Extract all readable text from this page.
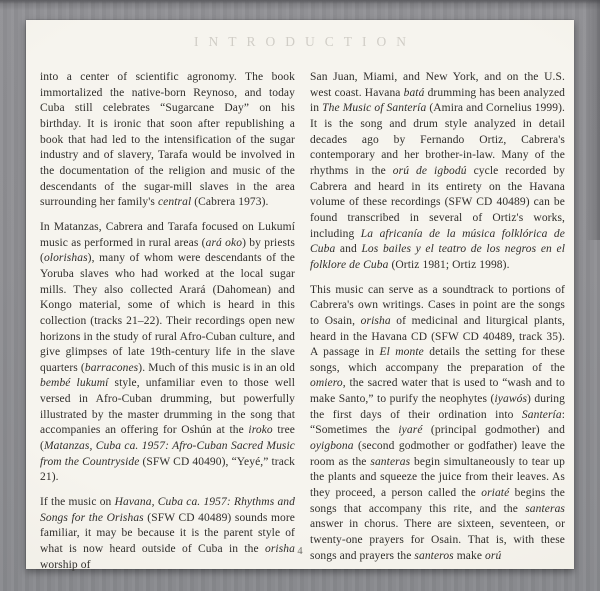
INTRODUCTION

into a center of scientific agronomy. The book immortalized the native-born Reynoso, and today Cuba still celebrates “Sugarcane Day” on his birthday. It is ironic that soon after republishing a book that had led to the intensification of the sugar industry and of slavery, Tarafa would be involved in the documentation of the religion and music of the descendants of the sugar-mill slaves in the area surrounding her family's central (Cabrera 1973).

In Matanzas, Cabrera and Tarafa focused on Lukumí music as performed in rural areas (ará oko) by priests (olorishas), many of whom were descendants of the Yoruba slaves who had worked at the local sugar mills. They also collected Arará (Dahomean) and Kongo material, some of which is heard in this collection (tracks 21–22). Their recordings open new horizons in the study of rural Afro-Cuban culture, and give glimpses of late 19th-century life in the slave quarters (barracones). Much of this music is in an old bembé lukumí style, unfamiliar even to those well versed in Afro-Cuban drumming, but powerfully illustrated by the master drumming in the song that accompanies an offering for Oshún at the iroko tree (Matanzas, Cuba ca. 1957: Afro-Cuban Sacred Music from the Countryside (SFW CD 40490), “Yeyé,” track 21).

If the music on Havana, Cuba ca. 1957: Rhythms and Songs for the Orishas (SFW CD 40489) sounds more familiar, it may be because it is the parent style of what is now heard outside of Cuba in the orisha worship of

San Juan, Miami, and New York, and on the U.S. west coast. Havana batá drumming has been analyzed in The Music of Santería (Amira and Cornelius 1999). It is the song and drum style analyzed in detail decades ago by Fernando Ortiz, Cabrera's contemporary and her brother-in-law. Many of the rhythms in the orú de igbodú cycle recorded by Cabrera and heard in its entirety on the Havana volume of these recordings (SFW CD 40489) can be found transcribed in several of Ortiz's works, including La africanía de la música folklórica de Cuba and Los bailes y el teatro de los negros en el folklore de Cuba (Ortiz 1981; Ortiz 1998).

This music can serve as a soundtrack to portions of Cabrera's own writings. Cases in point are the songs to Osain, orisha of medicinal and liturgical plants, heard in the Havana CD (SFW CD 40489, track 35). A passage in El monte details the setting for these songs, which accompany the preparation of the omiero, the sacred water that is used to “wash and to make Santo,” to purify the neophytes (iyawós) during the first days of their ordination into Santería: “Sometimes the iyaré (principal godmother) and oyigbona (second godmother or godfather) leave the room as the santeras begin simultaneously to tear up the plants and squeeze the juice from their leaves. As they proceed, a person called the oriaté begins the songs that accompany this rite, and the santeras answer in chorus. There are sixteen, seventeen, or twenty-one prayers for Osain. That is, with these songs and prayers the santeros make orú

4
